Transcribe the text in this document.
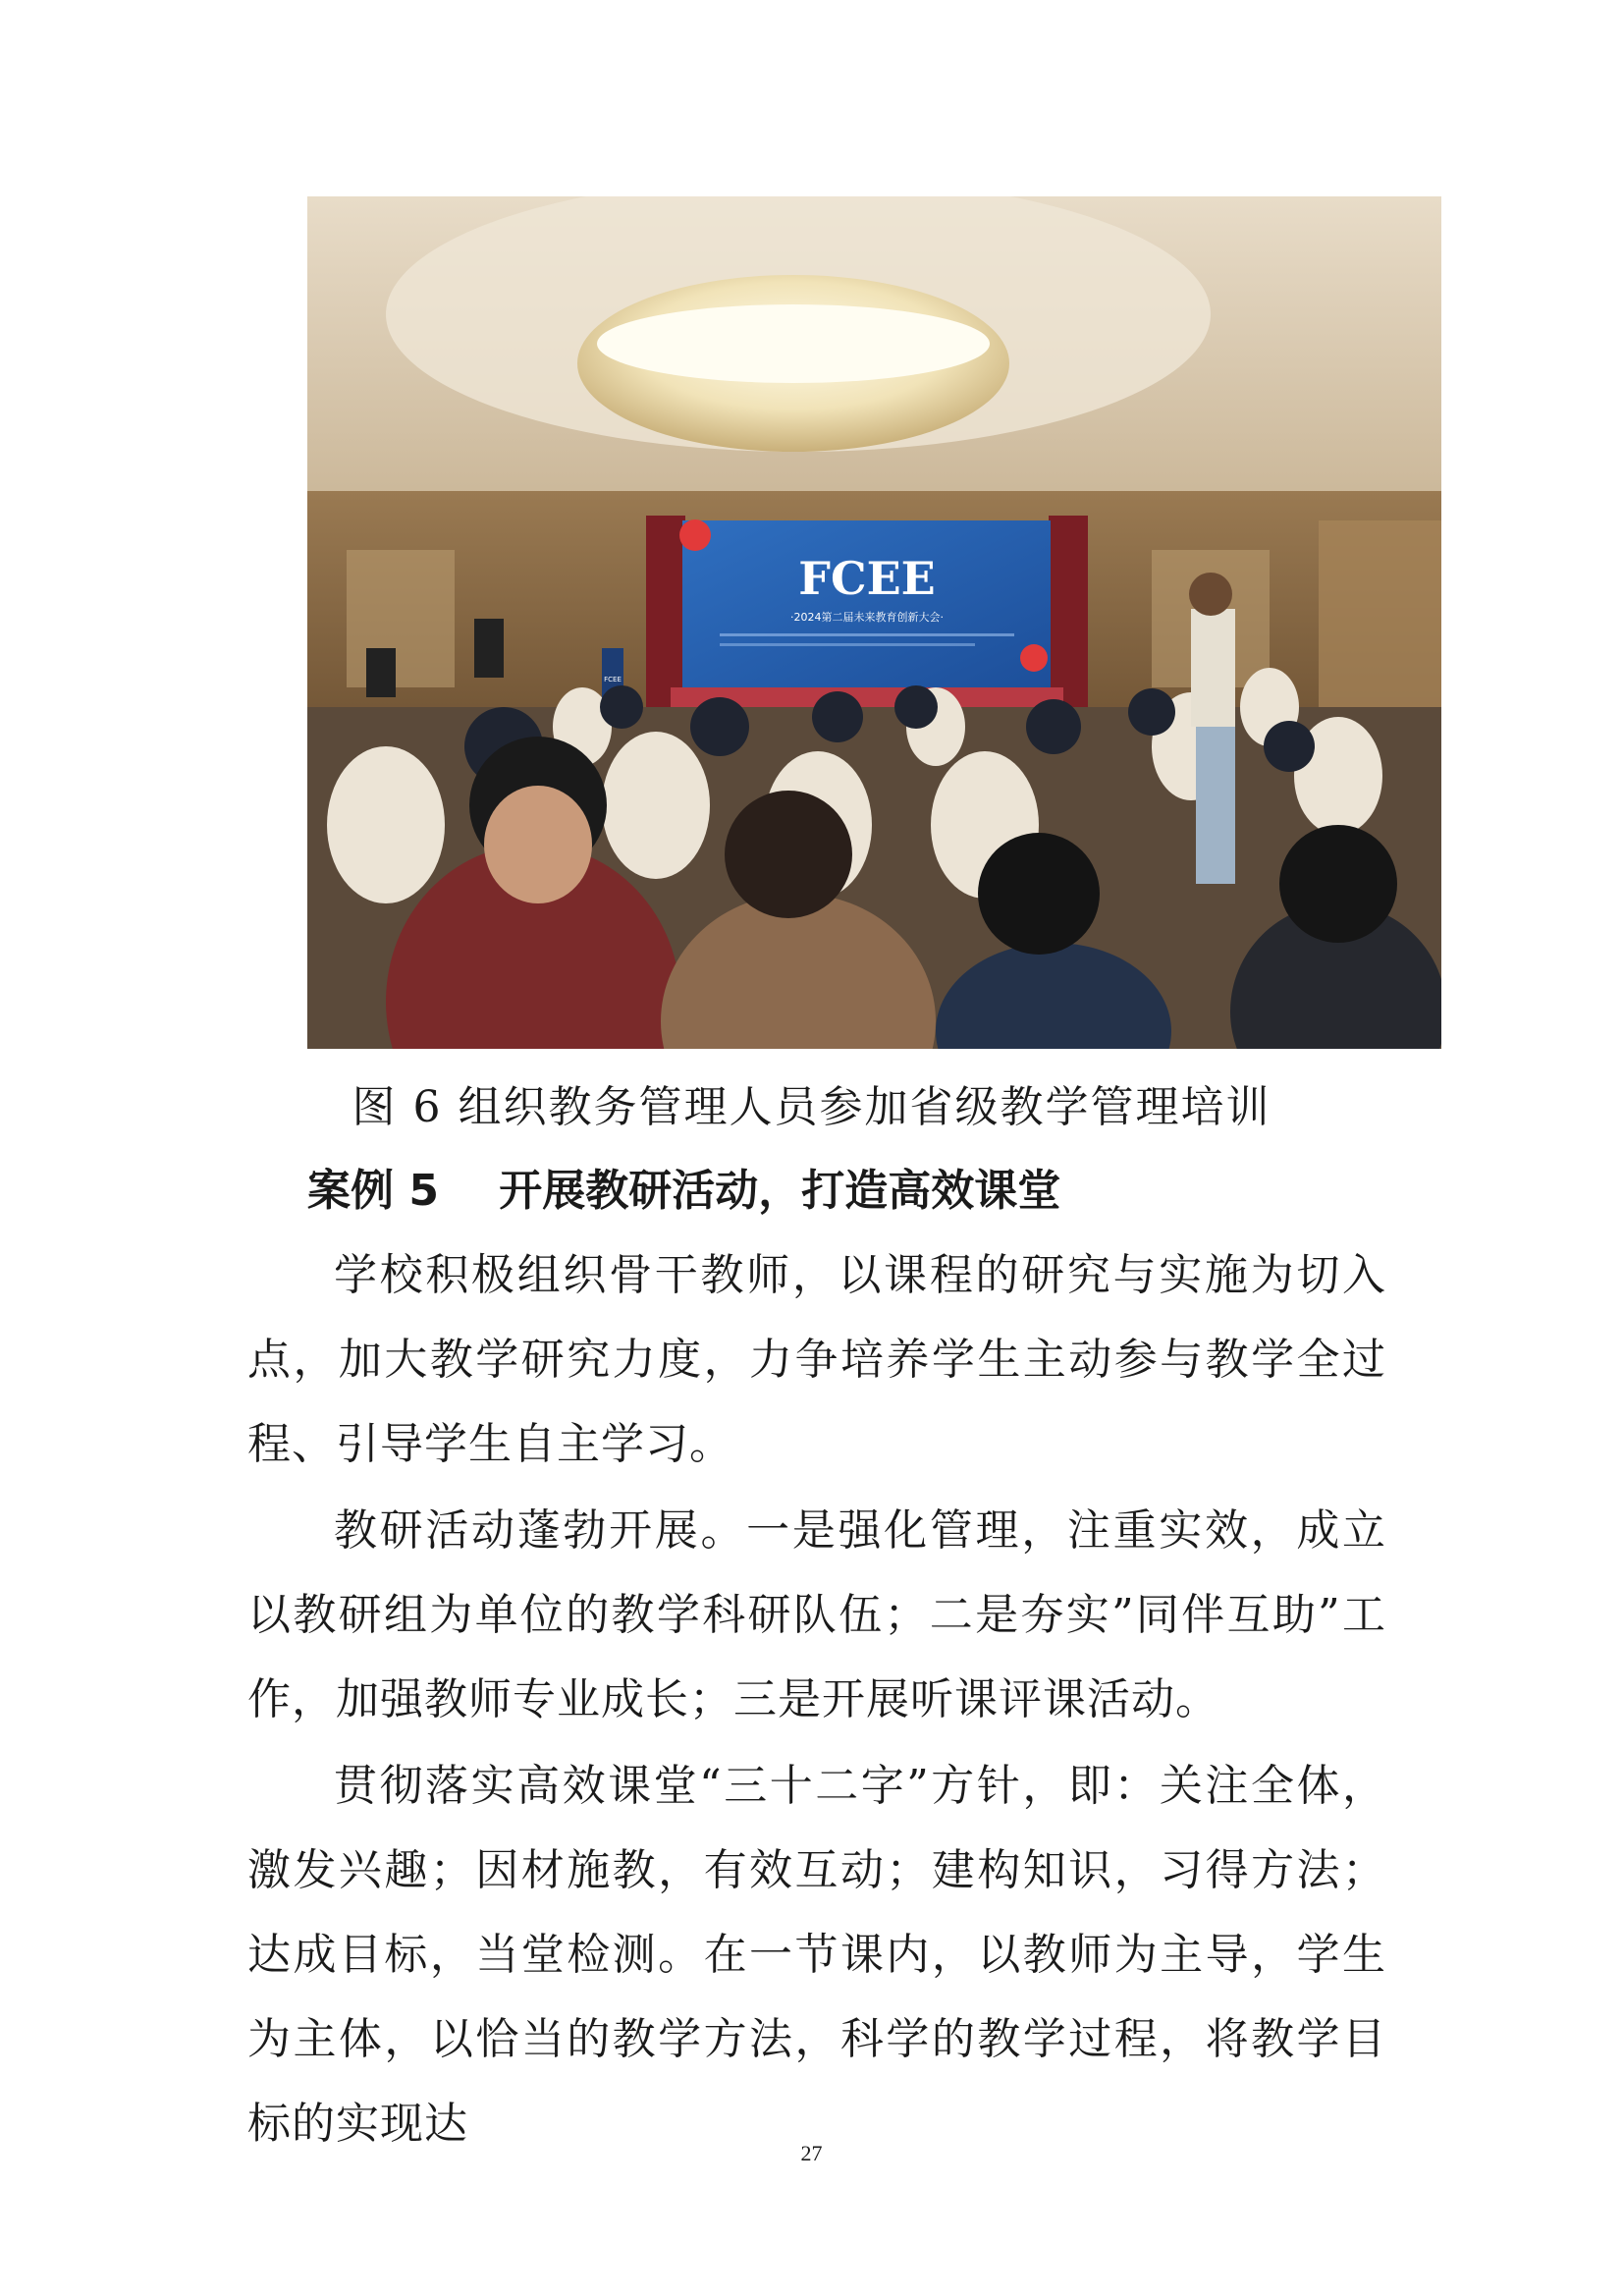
FCEE
·2024第二届未来教育创新大会·
FCEE
图 6 组织教务管理人员参加省级教学管理培训
案例 5 开展教研活动，打造高效课堂
学校积极组织骨干教师，以课程的研究与实施为切入点，加大教学研究力度，力争培养学生主动参与教学全过程、引导学生自主学习。
教研活动蓬勃开展。一是强化管理，注重实效，成立以教研组为单位的教学科研队伍；二是夯实”同伴互助”工作，加强教师专业成长；三是开展听课评课活动。
贯彻落实高效课堂“三十二字”方针，即：关注全体，激发兴趣；因材施教，有效互动；建构知识，习得方法；达成目标，当堂检测。在一节课内，以教师为主导，学生为主体，以恰当的教学方法，科学的教学过程，将教学目标的实现达
27
